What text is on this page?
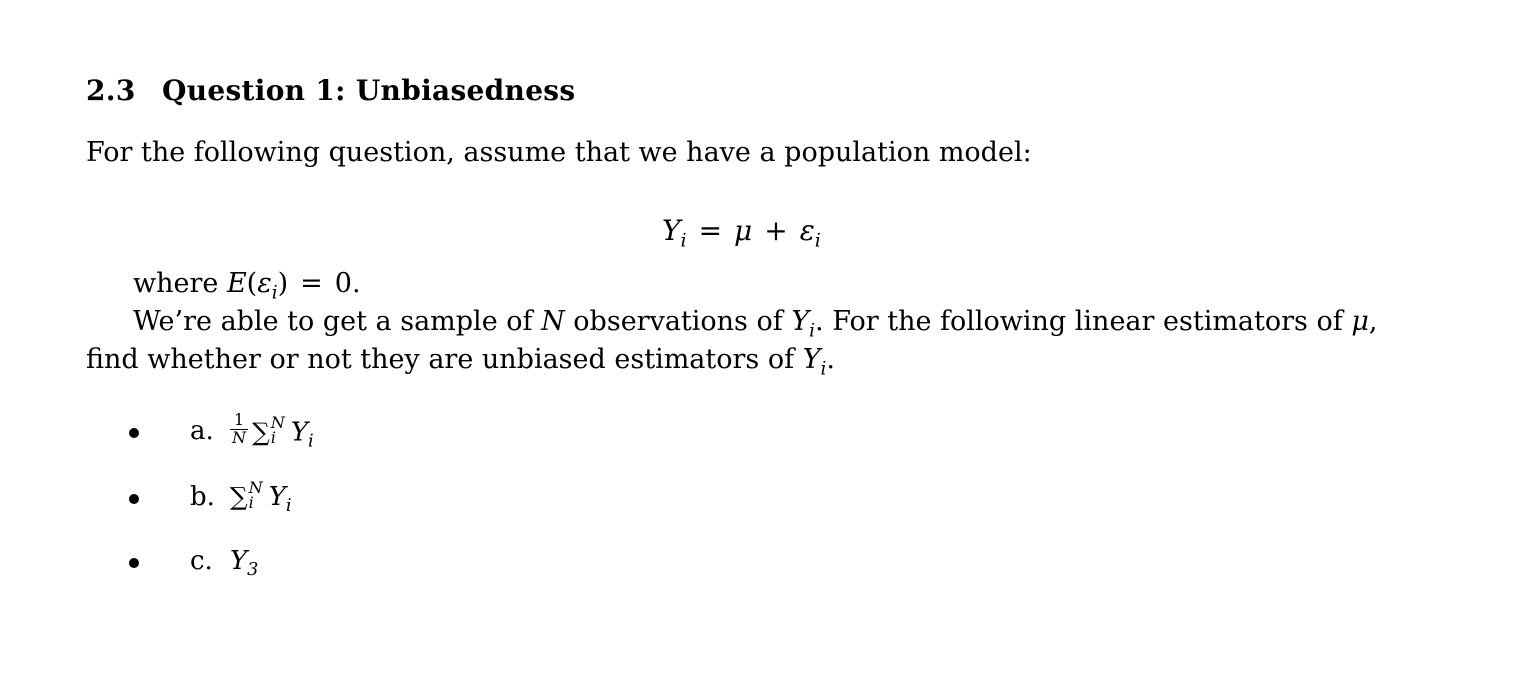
2.3 Question 1: Unbiasedness
For the following question, assume that we have a population model:
$Y_i = \mu + \varepsilon_i$
where $E(\varepsilon_i) = 0$.
We’re able to get a sample of N observations of $Y_i$. For the following linear estimators of μ,
find whether or not they are unbiased estimators of $Y_i$.
a. $\frac{1}{N}$ ∑ N
i $Y_i$
b. ∑ N
i $Y_i$
c. $Y_3$
